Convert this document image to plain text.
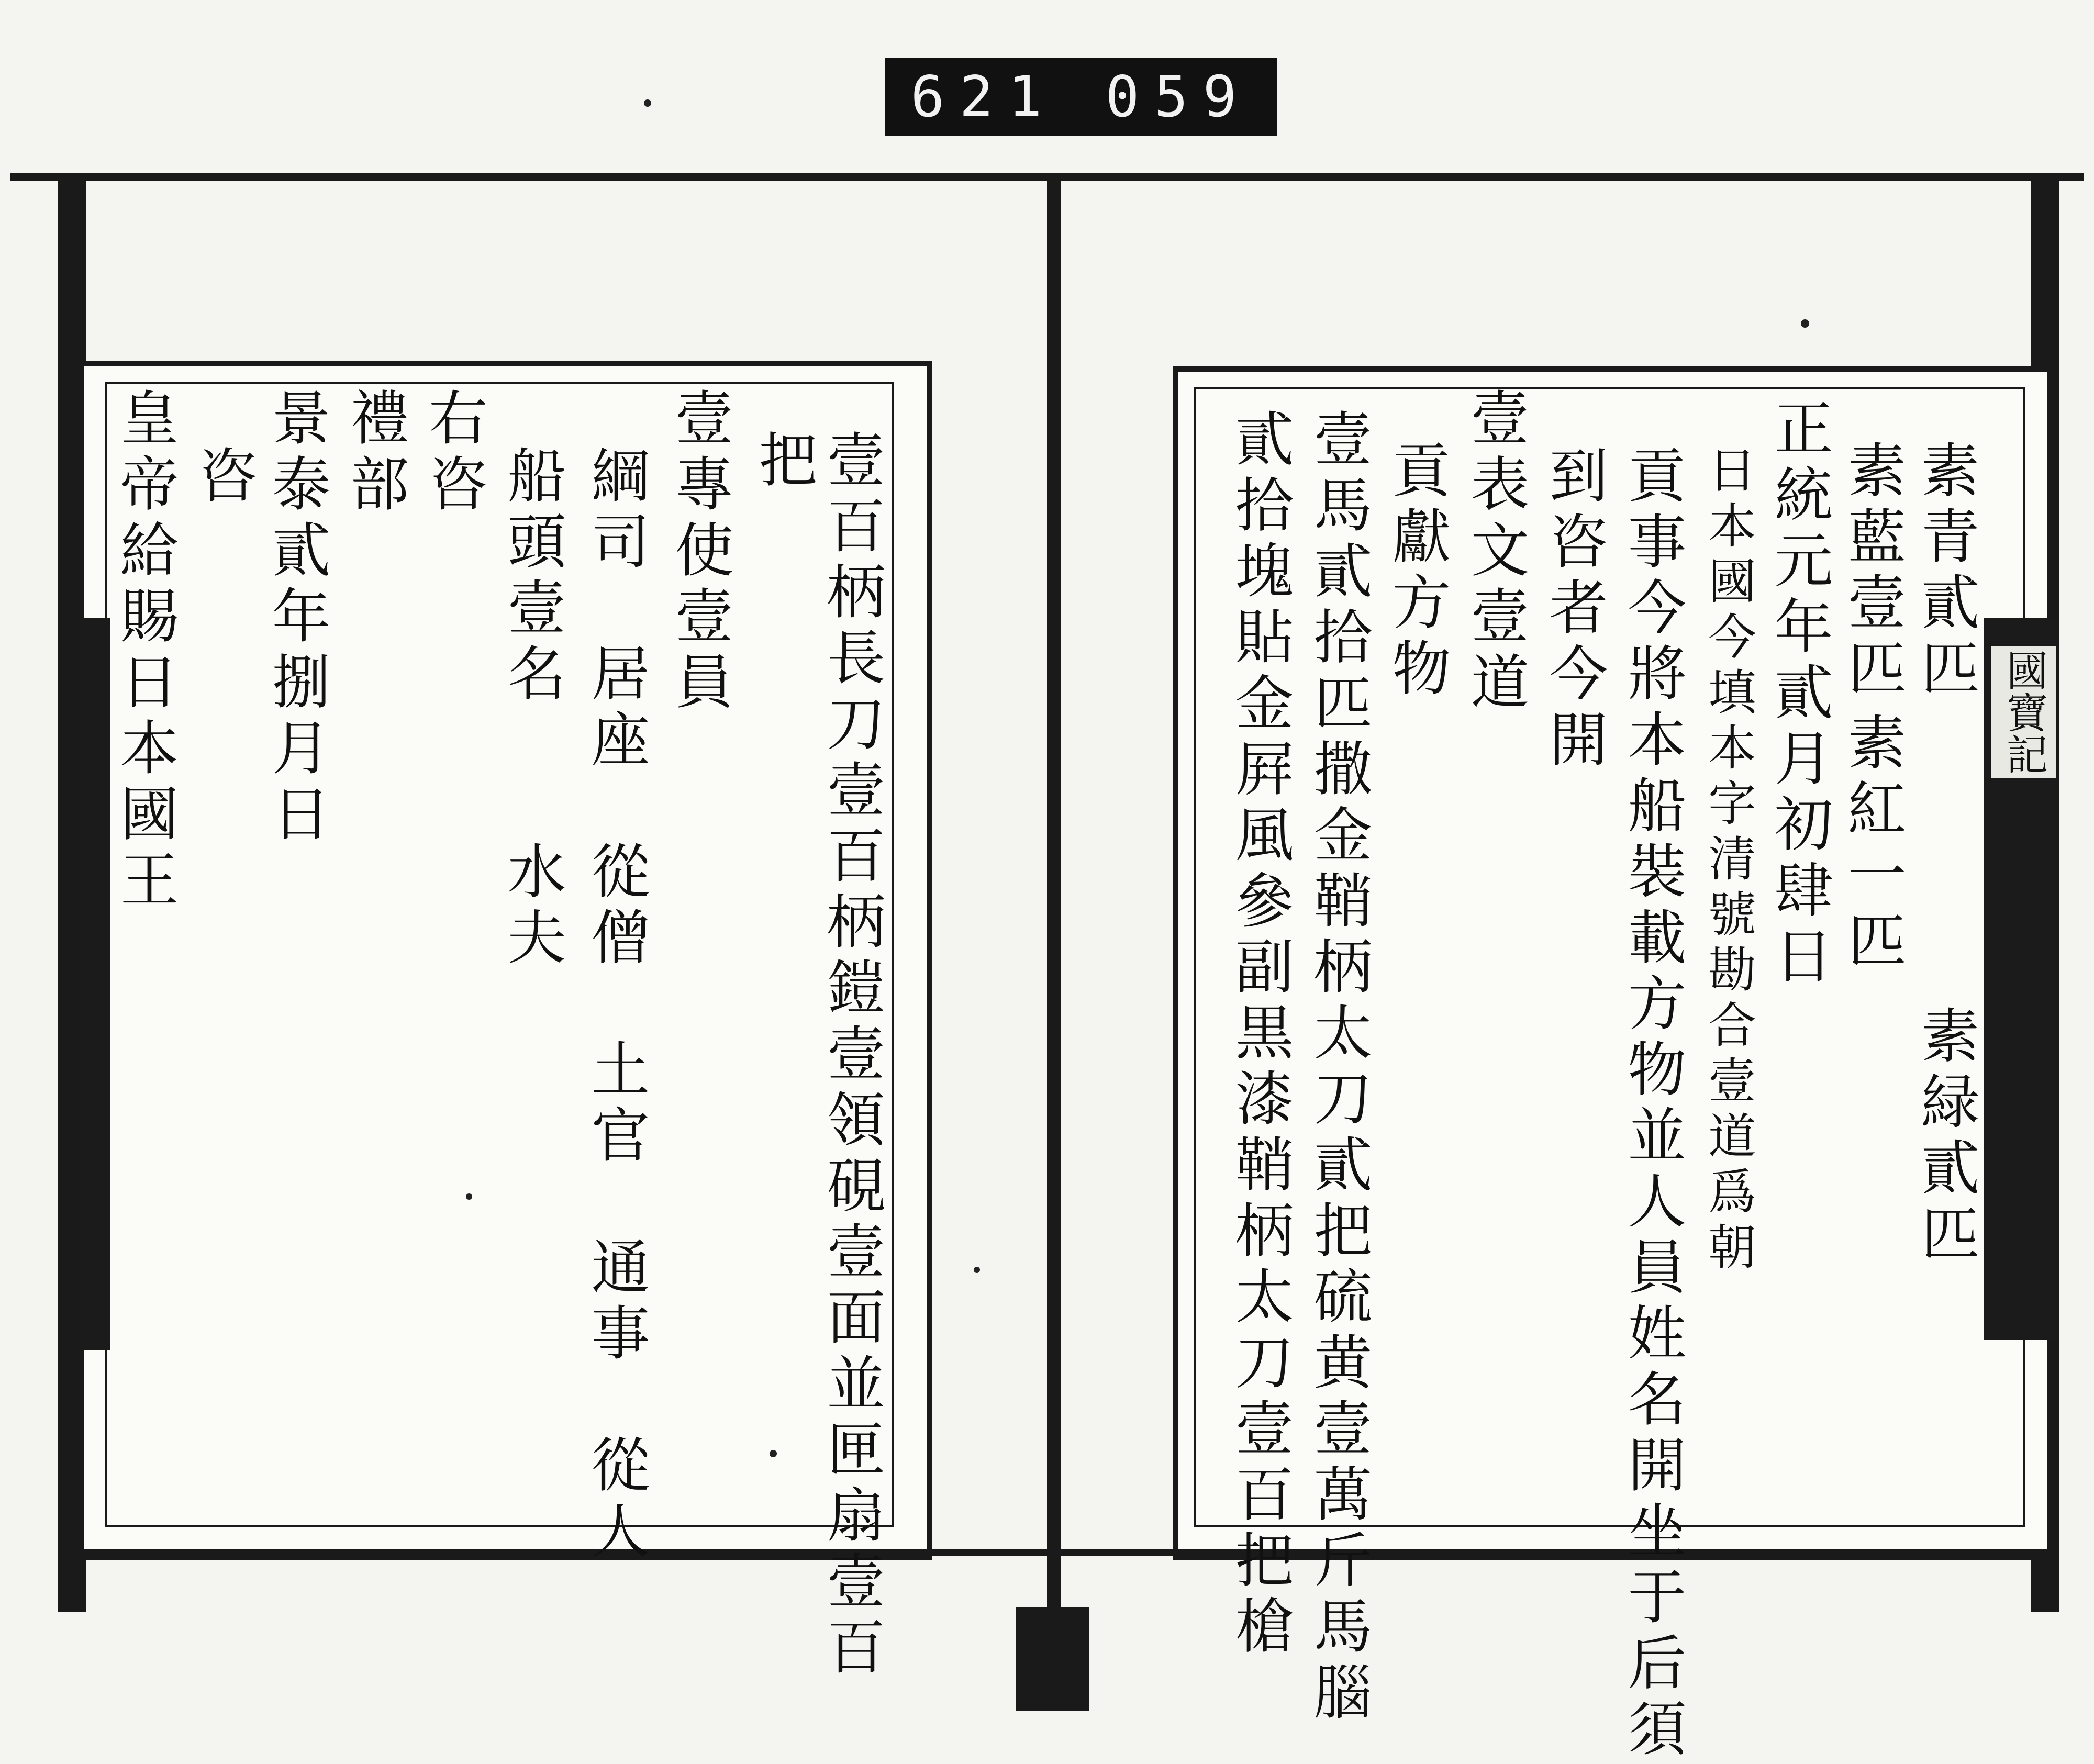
621 059
國寶記
素青貳匹
素藍壹匹
素紅一匹
素緑貳匹
正統元年貳月初肆日
日本國今填本字清號勘合壹道爲朝
貢事今將本船裝載方物並人員姓名開坐于后須
到咨者今開
壹表文壹道
貢獻方物
壹馬貳拾匹撒金鞘柄太刀貳把硫黄壹萬斤馬腦
貳拾塊貼金屛風參副黒漆鞘柄太刀壹百把槍
壹百柄長刀壹百柄鎧壹領硯壹面並匣扇壹百
把
壹專使壹員
綱司　居座　從僧　土官　通事　從人
船頭壹名　　水夫
右咨
禮部
景泰貳年捌月日
咨
皇帝給賜日本國王
